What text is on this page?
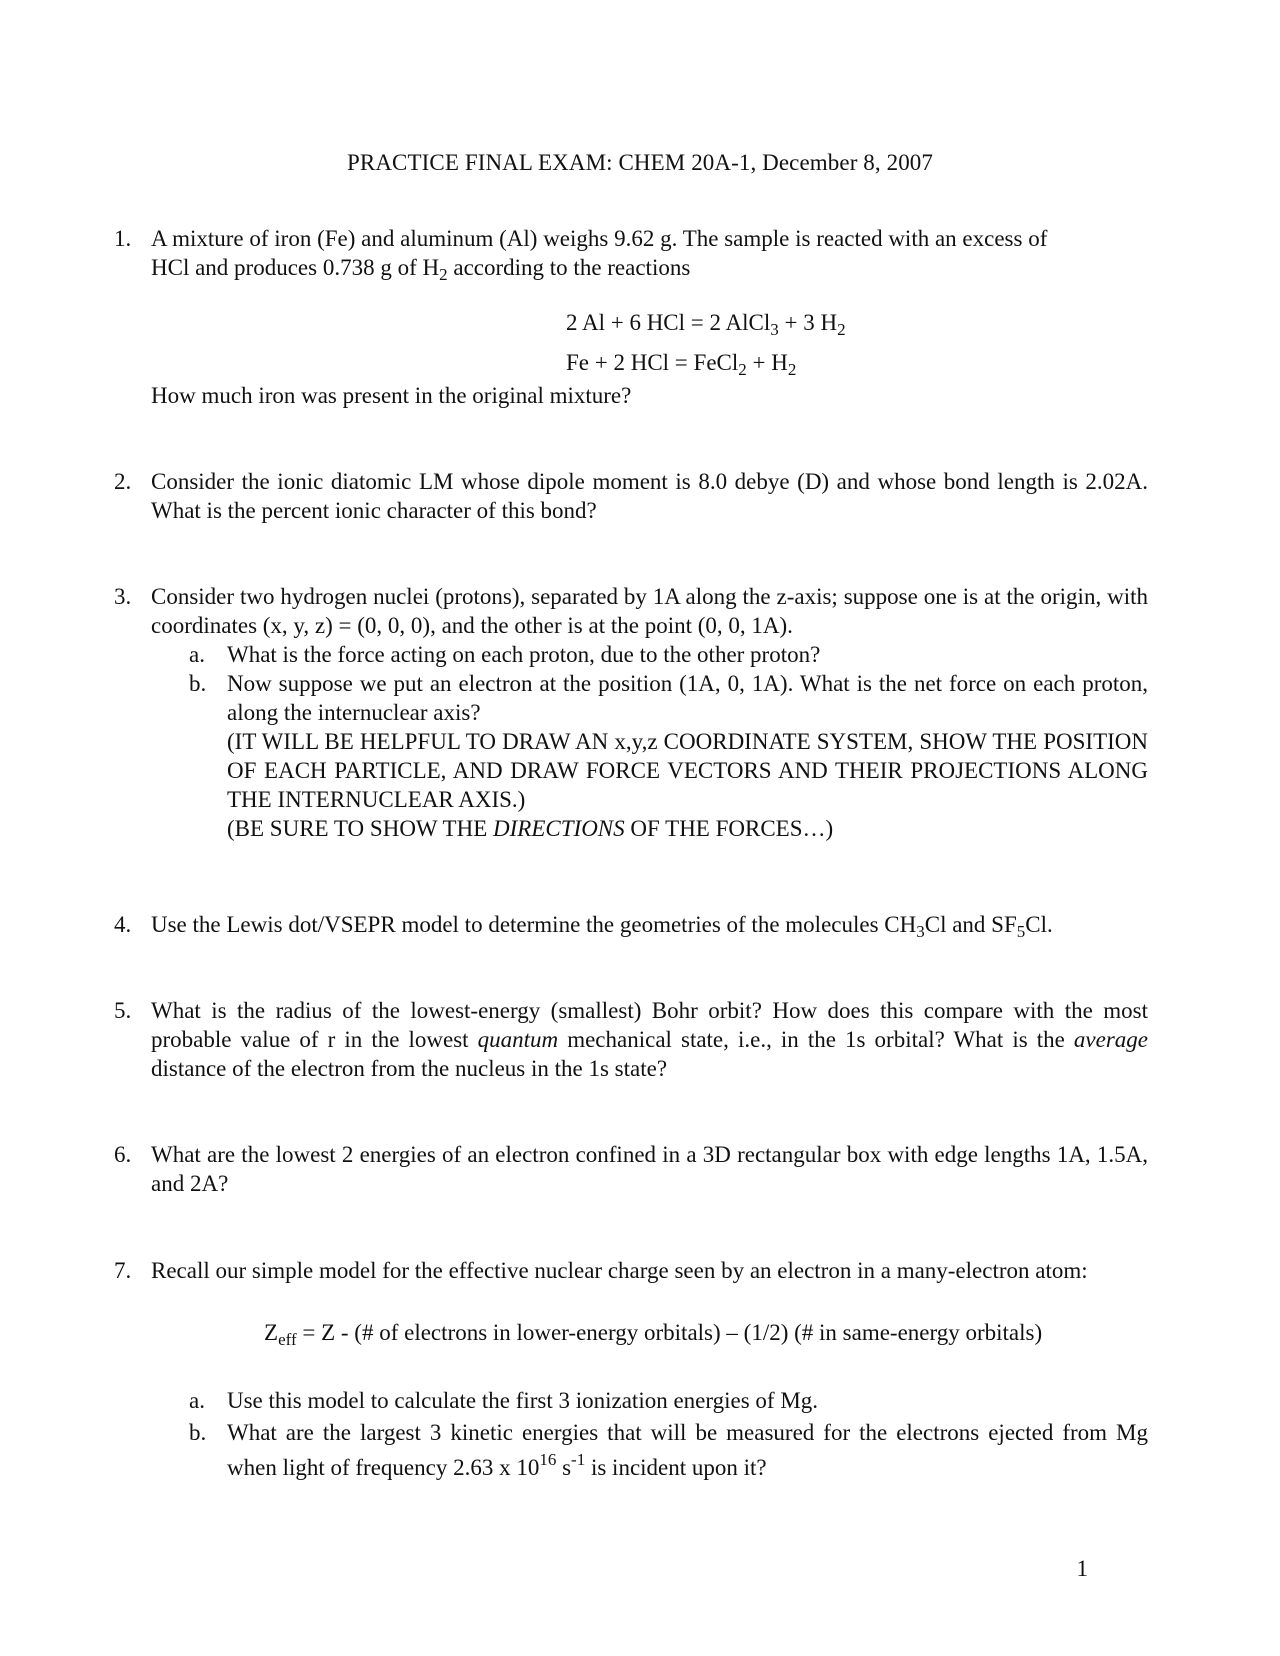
PRACTICE FINAL EXAM: CHEM 20A-1, December 8, 2007
1. A mixture of iron (Fe) and aluminum (Al) weighs 9.62 g. The sample is reacted with an excess of
HCl and produces 0.738 g of $H_2$ according to the reactions
2 Al + 6 HCl = 2 AlCl$_3$ + 3 $H_2$
Fe + 2 HCl = FeCl$_2$ + $H_2$
How much iron was present in the original mixture?
2. Consider the ionic diatomic LM whose dipole moment is 8.0 debye (D) and whose bond length is 2.02A. What is the percent ionic character of this bond?
3. Consider two hydrogen nuclei (protons), separated by 1A along the z-axis; suppose one is at the origin, with coordinates (x, y, z) = (0, 0, 0), and the other is at the point (0, 0, 1A).
a. What is the force acting on each proton, due to the other proton?
b. Now suppose we put an electron at the position (1A, 0, 1A). What is the net force on each proton, along the internuclear axis?
(IT WILL BE HELPFUL TO DRAW AN x,y,z COORDINATE SYSTEM, SHOW THE POSITION OF EACH PARTICLE, AND DRAW FORCE VECTORS AND THEIR PROJECTIONS ALONG THE INTERNUCLEAR AXIS.)
(BE SURE TO SHOW THE DIRECTIONS OF THE FORCES…)
4. Use the Lewis dot/VSEPR model to determine the geometries of the molecules $CH_3Cl$ and $SF_5Cl$.
5. What is the radius of the lowest-energy (smallest) Bohr orbit? How does this compare with the most probable value of r in the lowest quantum mechanical state, i.e., in the 1s orbital? What is the average distance of the electron from the nucleus in the 1s state?
6. What are the lowest 2 energies of an electron confined in a 3D rectangular box with edge lengths 1A, 1.5A, and 2A?
7. Recall our simple model for the effective nuclear charge seen by an electron in a many-electron atom:
$Z_{eff} = Z$ - (# of electrons in lower-energy orbitals) – (1/2) (# in same-energy orbitals)
a. Use this model to calculate the first 3 ionization energies of Mg.
b. What are the largest 3 kinetic energies that will be measured for the electrons ejected from Mg when light of frequency 2.63 x $10^{16}$ $s^{-1}$ is incident upon it?
1
